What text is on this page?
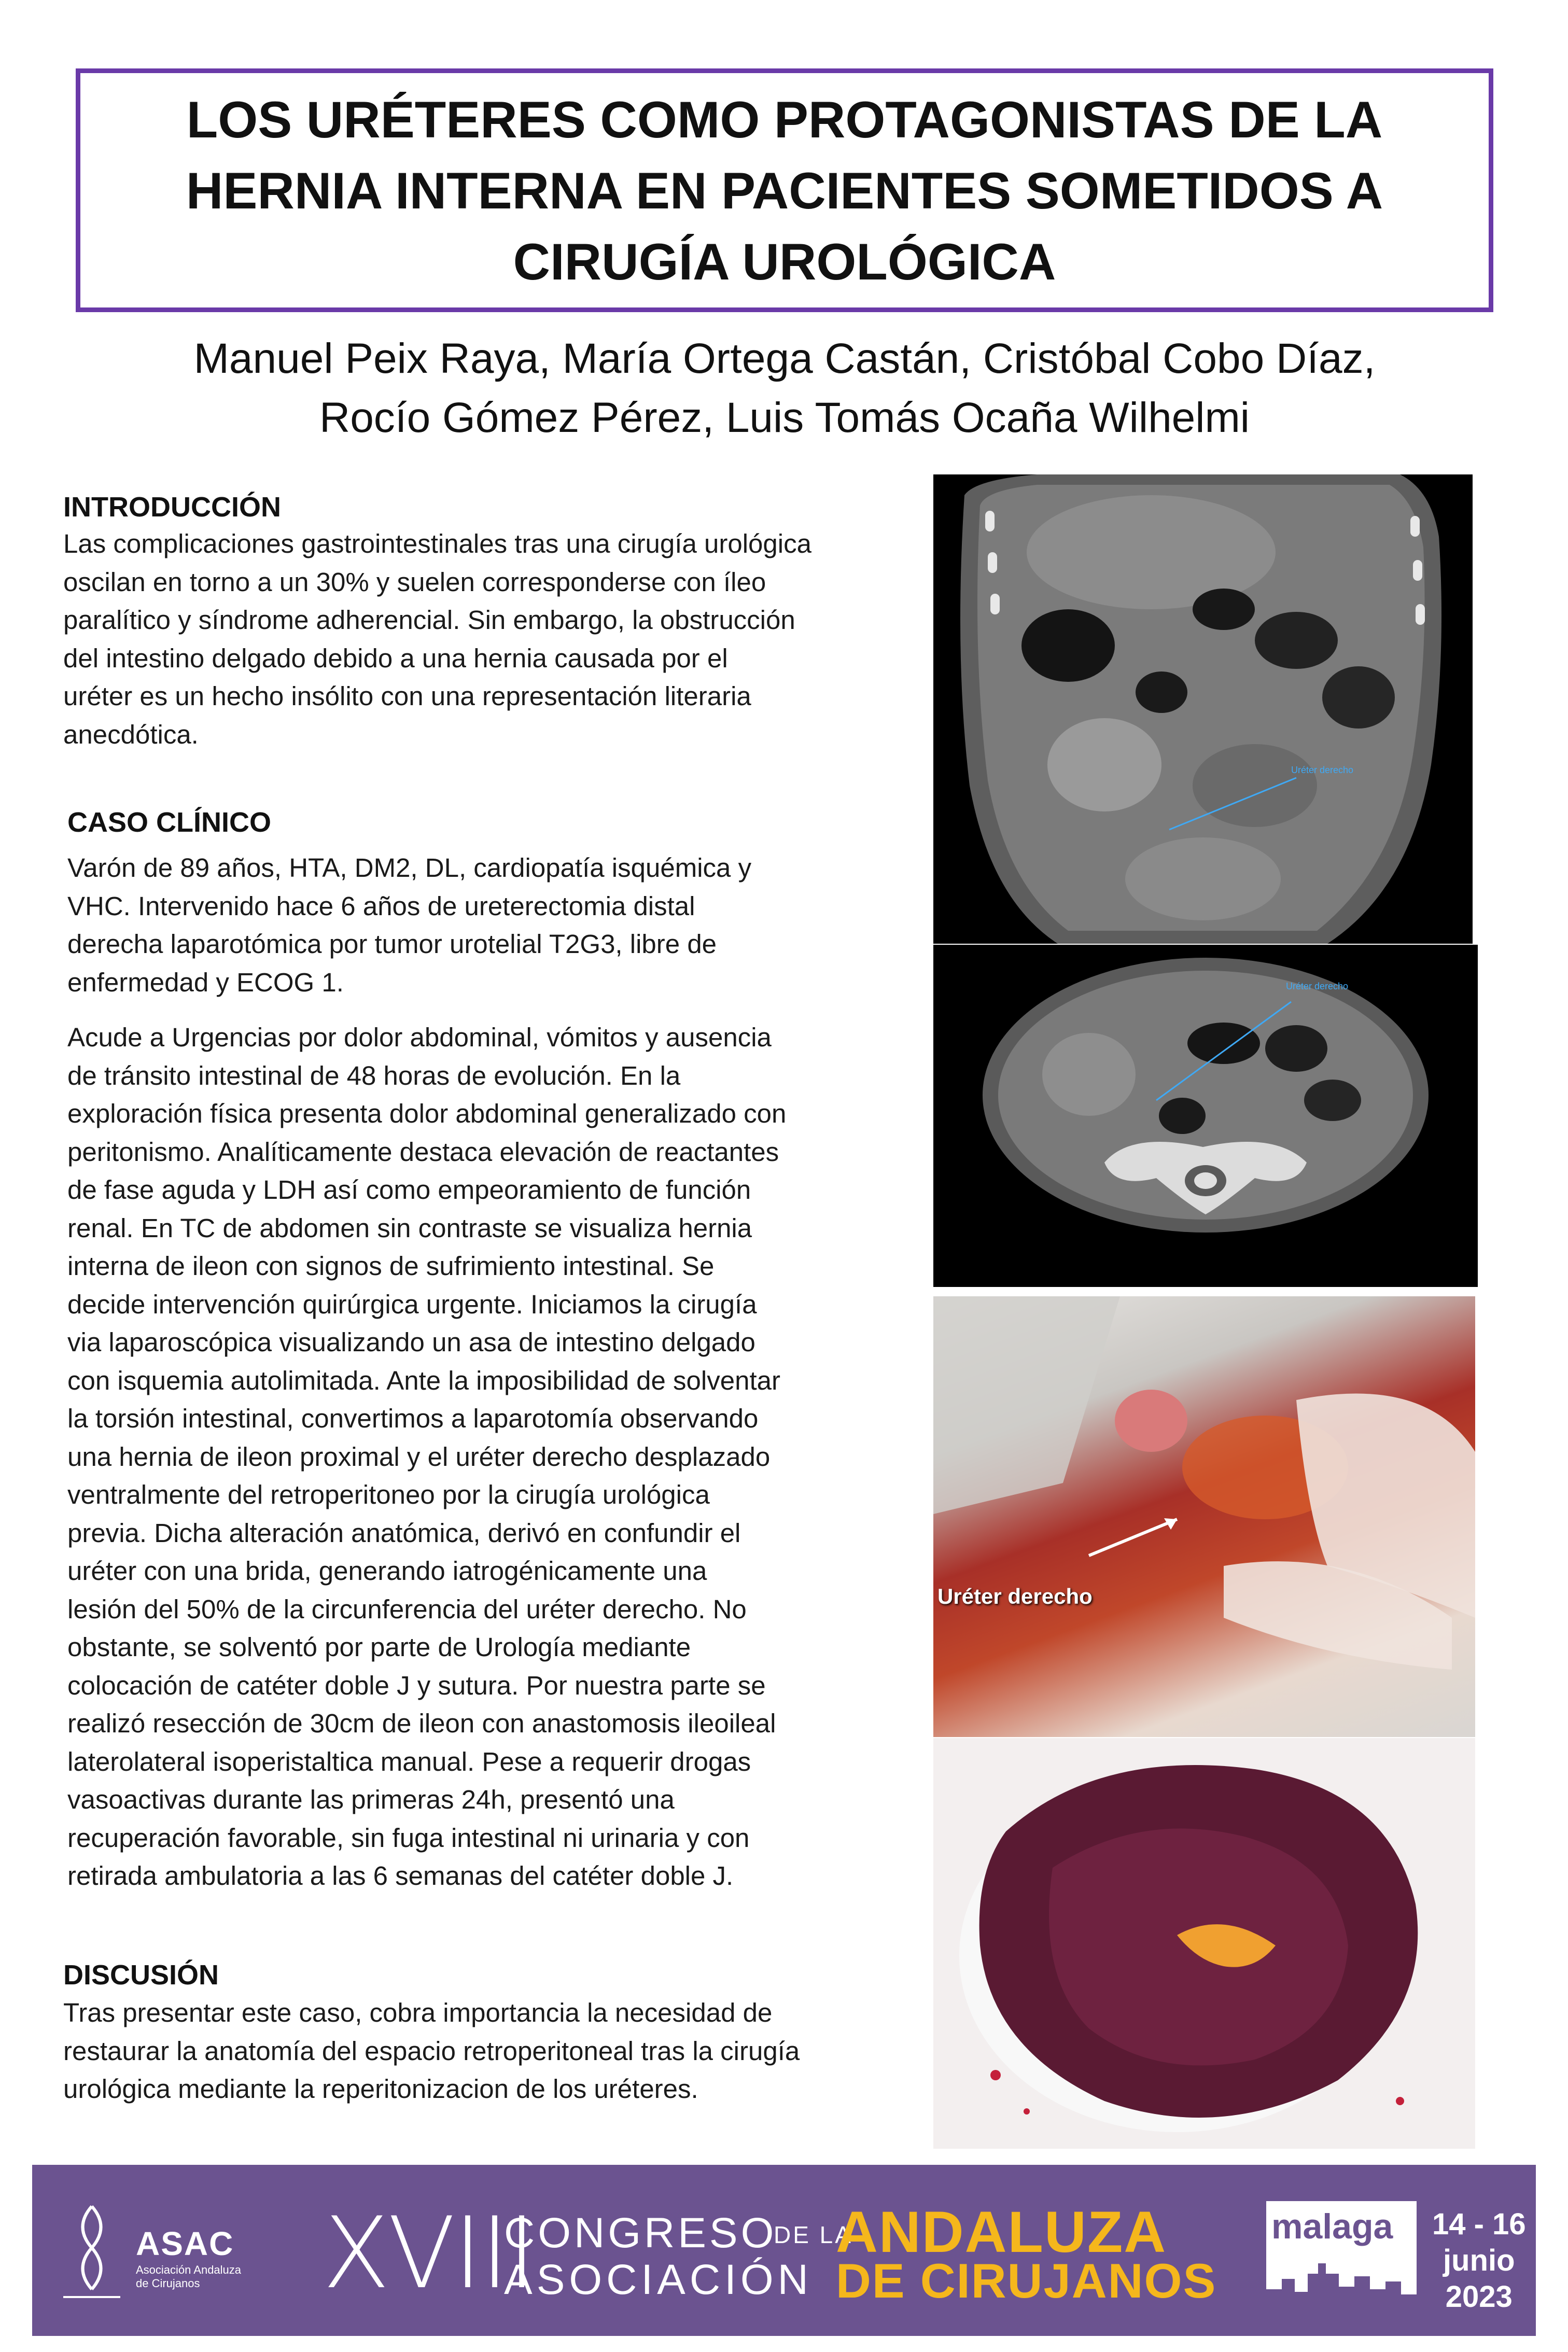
LOS URÉTERES COMO PROTAGONISTAS DE LA
HERNIA INTERNA EN PACIENTES SOMETIDOS A
CIRUGÍA UROLÓGICA
Manuel Peix Raya, María Ortega Castán, Cristóbal Cobo Díaz,
Rocío Gómez Pérez, Luis Tomás Ocaña Wilhelmi
INTRODUCCIÓN

Las complicaciones gastrointestinales tras una cirugía urológica
oscilan en torno a un 30% y suelen corresponderse con íleo
paralítico y síndrome adherencial. Sin embargo, la obstrucción
del intestino delgado debido a una hernia causada por el
uréter es un hecho insólito con una representación literaria
anecdótica.

CASO CLÍNICO

Varón de 89 años, HTA, DM2, DL, cardiopatía isquémica y
VHC. Intervenido hace 6 años de ureterectomia distal
derecha laparotómica por tumor urotelial T2G3, libre de
enfermedad y ECOG 1.

Acude a Urgencias por dolor abdominal, vómitos y ausencia
de tránsito intestinal de 48 horas de evolución. En la
exploración física presenta dolor abdominal generalizado con
peritonismo. Analíticamente destaca elevación de reactantes
de fase aguda y LDH así como empeoramiento de función
renal. En TC de abdomen sin contraste se visualiza hernia
interna de ileon con signos de sufrimiento intestinal. Se
decide intervención quirúrgica urgente. Iniciamos la cirugía
via laparoscópica visualizando un asa de intestino delgado
con isquemia autolimitada. Ante la imposibilidad de solventar
la torsión intestinal, convertimos a laparotomía observando
una hernia de ileon proximal y el uréter derecho desplazado
ventralmente del retroperitoneo por la cirugía urológica
previa. Dicha alteración anatómica, derivó en confundir el
uréter con una brida, generando iatrogénicamente una
lesión del 50% de la circunferencia del uréter derecho. No
obstante, se solventó por parte de Urología mediante
colocación de catéter doble J y sutura. Por nuestra parte se
realizó resección de 30cm de ileon con anastomosis ileoileal
laterolateral isoperistaltica manual. Pese a requerir drogas
vasoactivas durante las primeras 24h, presentó una
recuperación favorable, sin fuga intestinal ni urinaria y con
retirada ambulatoria a las 6 semanas del catéter doble J.

DISCUSIÓN

Tras presentar este caso, cobra importancia la necesidad de
restaurar la anatomía del espacio retroperitoneal tras la cirugía
urológica mediante la reperitonizacion de los uréteres.

Uréter derecho
Uréter derecho
Uréter derecho
ASAC
Asociación Andaluza
de Cirujanos	XVIII
CONGRESO
DE LA
ASOCIACIÓN
ANDALUZA
DE CIRUJANOS
malaga 14 - 16
junio
2023
